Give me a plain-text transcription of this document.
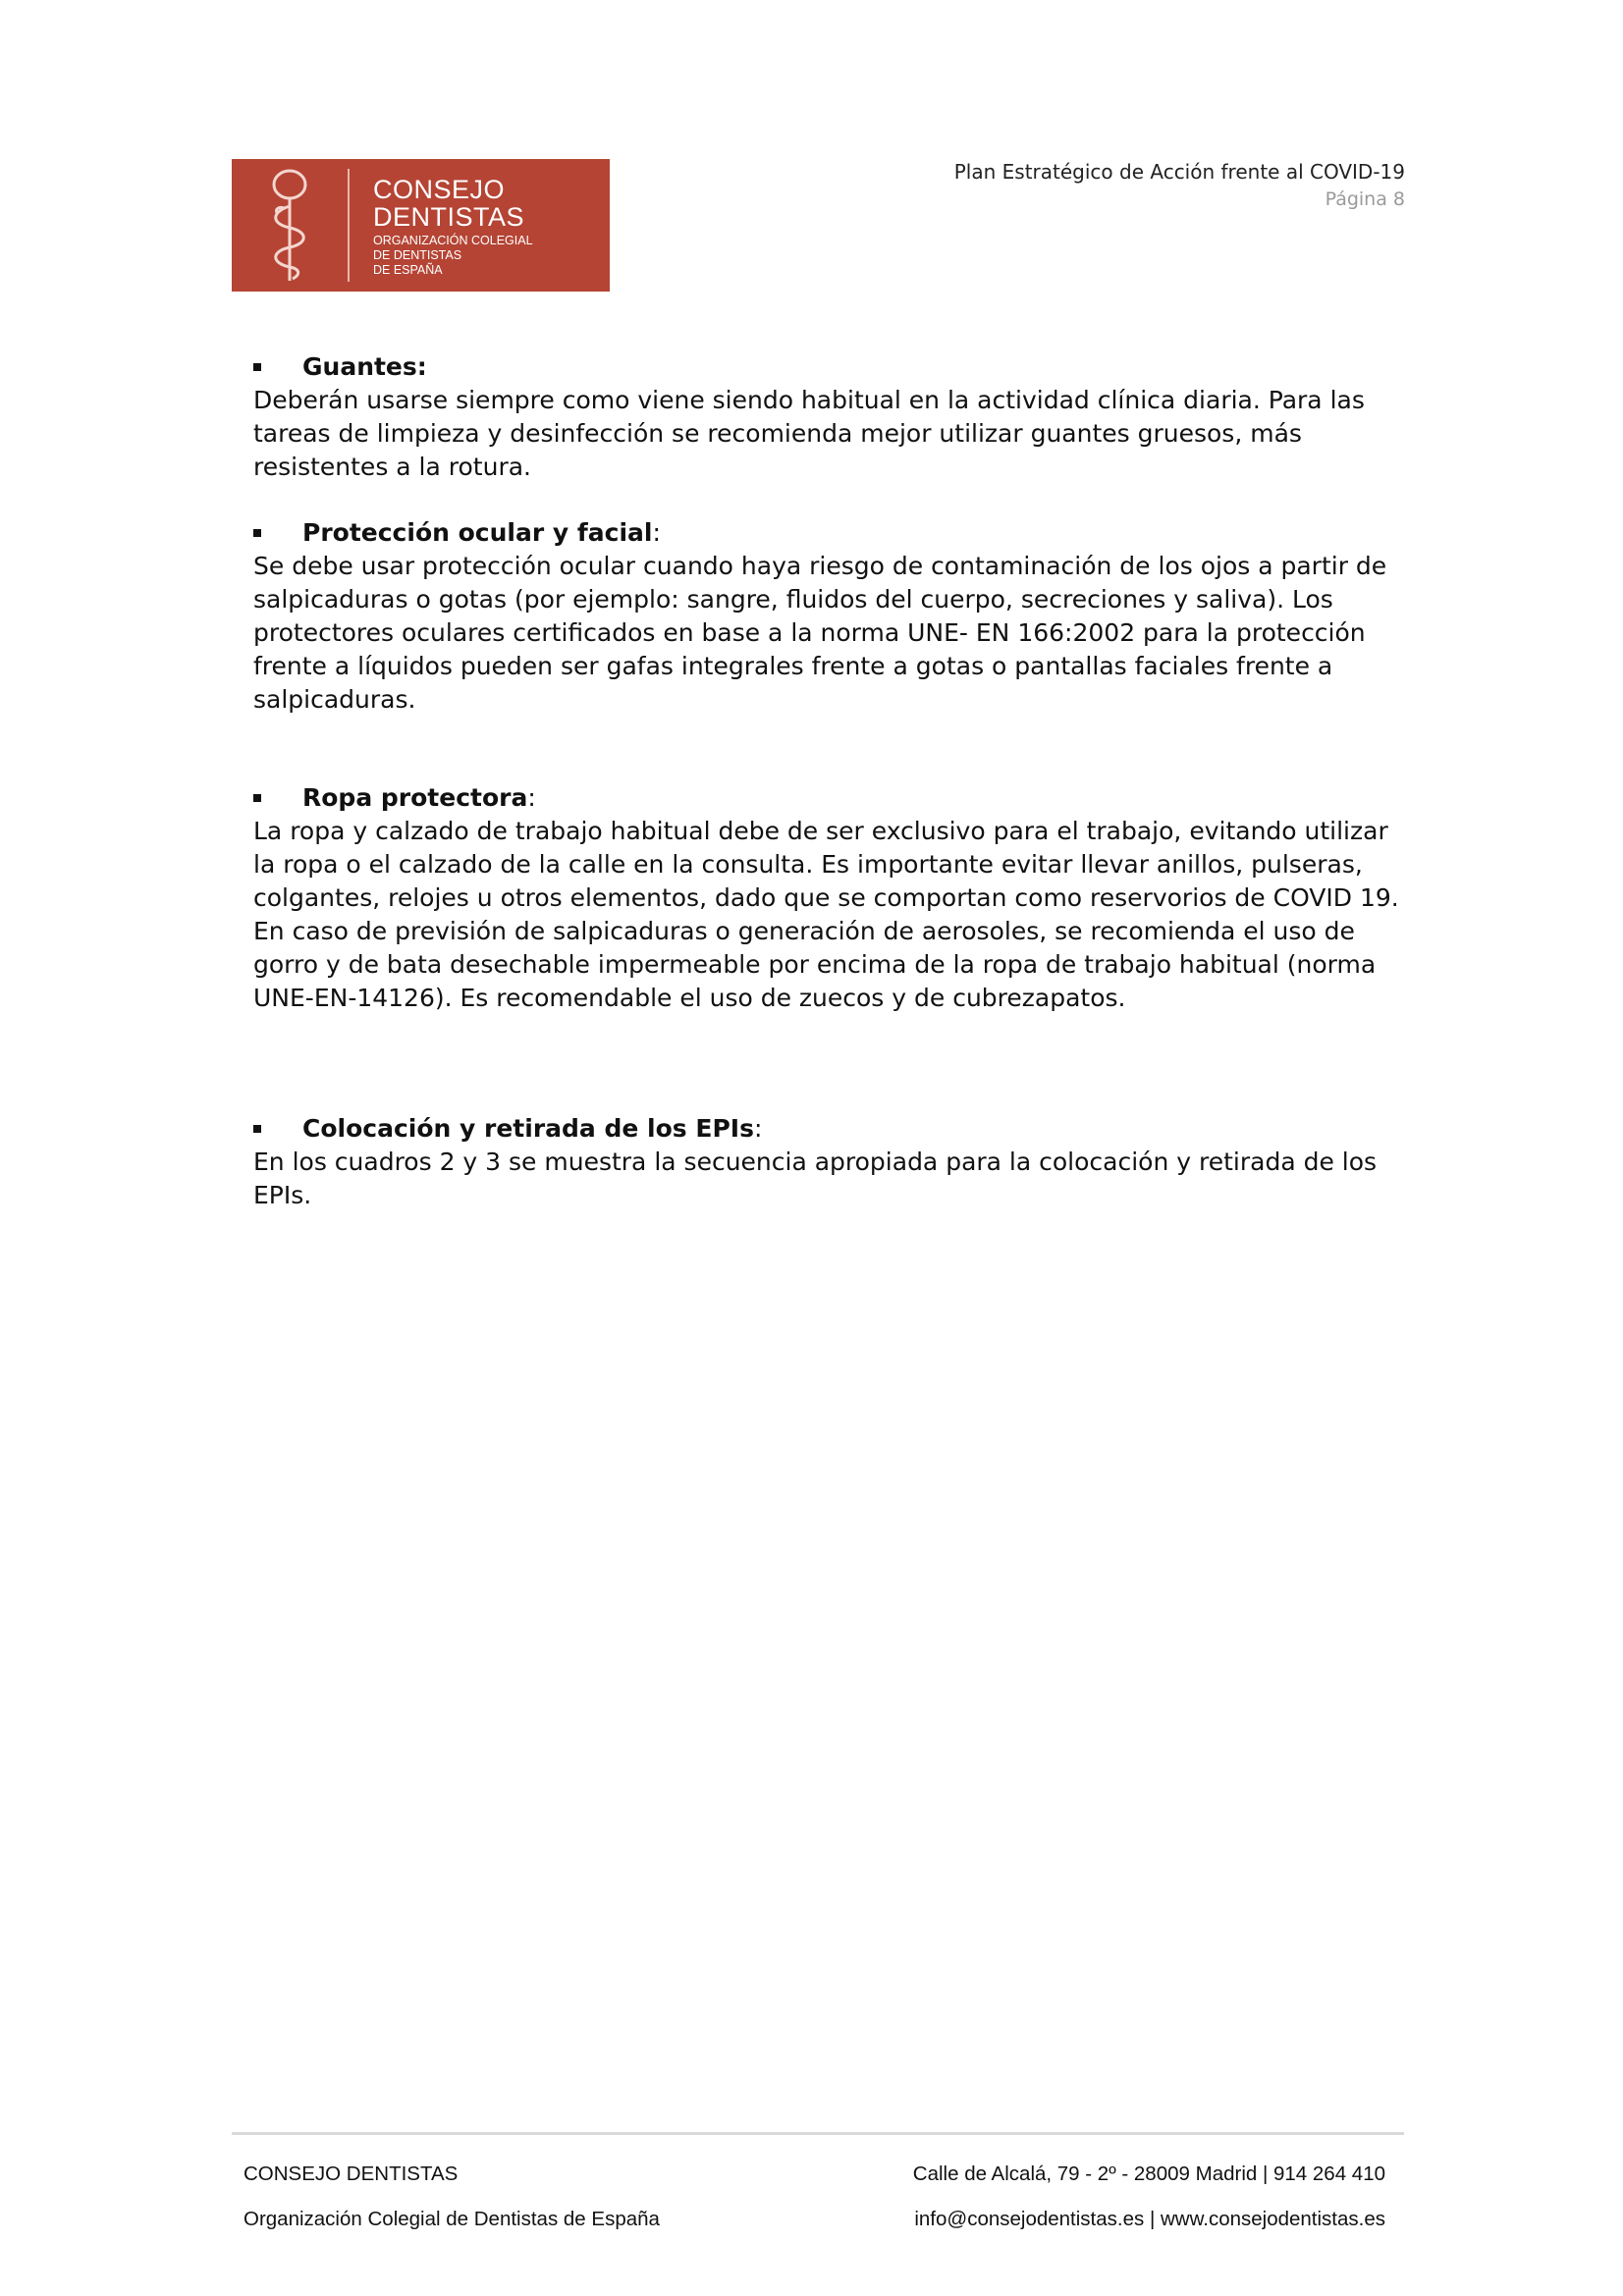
CONSEJO
DENTISTAS
ORGANIZACIÓN COLEGIAL
DE DENTISTAS
DE ESPAÑA
Plan Estratégico de Acción frente al COVID-19
Página 8

Guantes:

Deberán usarse siempre como viene siendo habitual en la actividad clínica diaria. Para las tareas de limpieza y desinfección se recomienda mejor utilizar guantes gruesos, más resistentes a la rotura.

Protección ocular y facial:

Se debe usar protección ocular cuando haya riesgo de contaminación de los ojos a partir de salpicaduras o gotas (por ejemplo: sangre, fluidos del cuerpo, secreciones y saliva). Los protectores oculares certificados en base a la norma UNE‐ EN 166:2002 para la protección frente a líquidos pueden ser gafas integrales frente a gotas o pantallas faciales frente a salpicaduras.

Ropa protectora:

La ropa y calzado de trabajo habitual debe de ser exclusivo para el trabajo, evitando utilizar la ropa o el calzado de la calle en la consulta. Es importante evitar llevar anillos, pulseras, colgantes, relojes u otros elementos, dado que se comportan como reservorios de COVID 19. En caso de previsión de salpicaduras o generación de aerosoles, se recomienda el uso de gorro y de bata desechable impermeable por encima de la ropa de trabajo habitual (norma UNE-EN-14126). Es recomendable el uso de zuecos y de cubrezapatos.

Colocación y retirada de los EPIs:

En los cuadros 2 y 3 se muestra la secuencia apropiada para la colocación y retirada de los EPIs.

CONSEJO DENTISTAS
Organización Colegial de Dentistas de España
Calle de Alcalá, 79 - 2º - 28009 Madrid | 914 264 410
info@consejodentistas.es | www.consejodentistas.es
